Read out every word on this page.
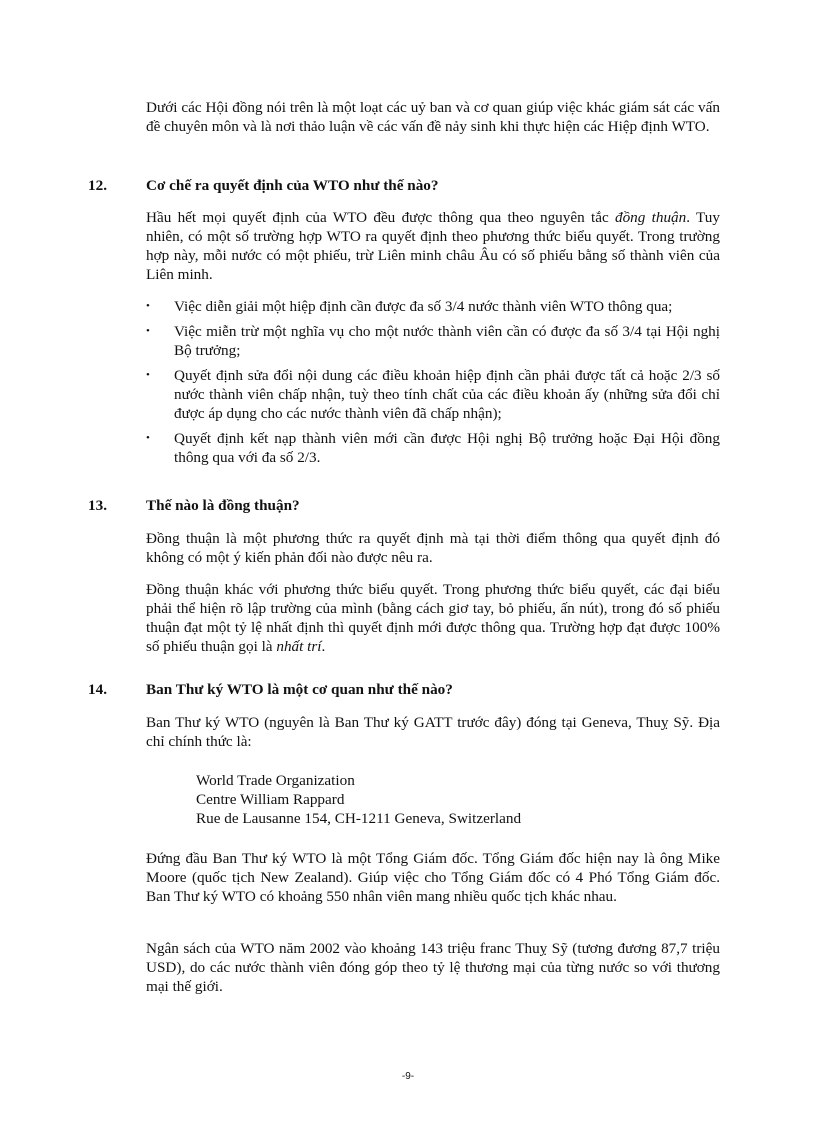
Dưới các Hội đồng nói trên là một loạt các uỷ ban và cơ quan giúp việc khác giám sát các vấn đề chuyên môn và là nơi thảo luận về các vấn đề nảy sinh khi thực hiện các Hiệp định WTO.

12.	Cơ chế ra quyết định của WTO như thế nào?

Hầu hết mọi quyết định của WTO đều được thông qua theo nguyên tắc đồng thuận. Tuy nhiên, có một số trường hợp WTO ra quyết định theo phương thức biểu quyết. Trong trường hợp này, mỗi nước có một phiếu, trừ Liên minh châu Âu có số phiếu bằng số thành viên của Liên minh.

• Việc diễn giải một hiệp định cần được đa số 3/4 nước thành viên WTO thông qua;
• Việc miễn trừ một nghĩa vụ cho một nước thành viên cần có được đa số 3/4 tại Hội nghị Bộ trưởng;
• Quyết định sửa đổi nội dung các điều khoản hiệp định cần phải được tất cả hoặc 2/3 số nước thành viên chấp nhận, tuỳ theo tính chất của các điều khoản ấy (những sửa đổi chỉ được áp dụng cho các nước thành viên đã chấp nhận);
• Quyết định kết nạp thành viên mới cần được Hội nghị Bộ trưởng hoặc Đại Hội đồng thông qua với đa số 2/3.
13.	Thế nào là đồng thuận?

Đồng thuận là một phương thức ra quyết định mà tại thời điểm thông qua quyết định đó không có một ý kiến phản đối nào được nêu ra.

Đồng thuận khác với phương thức biểu quyết. Trong phương thức biểu quyết, các đại biểu phải thể hiện rõ lập trường của mình (bằng cách giơ tay, bỏ phiếu, ấn nút), trong đó số phiếu thuận đạt một tỷ lệ nhất định thì quyết định mới được thông qua. Trường hợp đạt được 100% số phiếu thuận gọi là nhất trí.

14.	Ban Thư ký WTO là một cơ quan như thế nào?

Ban Thư ký WTO (nguyên là Ban Thư ký GATT trước đây) đóng tại Geneva, Thuỵ Sỹ. Địa chỉ chính thức là:

World Trade Organization
Centre William Rappard
Rue de Lausanne 154, CH-1211 Geneva, Switzerland

Đứng đầu Ban Thư ký WTO là một Tổng Giám đốc. Tổng Giám đốc hiện nay là ông Mike Moore (quốc tịch New Zealand). Giúp việc cho Tổng Giám đốc có 4 Phó Tổng Giám đốc. Ban Thư ký WTO có khoảng 550 nhân viên mang nhiều quốc tịch khác nhau.

Ngân sách của WTO năm 2002 vào khoảng 143 triệu franc Thuỵ Sỹ (tương đương 87,7 triệu USD), do các nước thành viên đóng góp theo tỷ lệ thương mại của từng nước so với thương mại thế giới.

-9-
